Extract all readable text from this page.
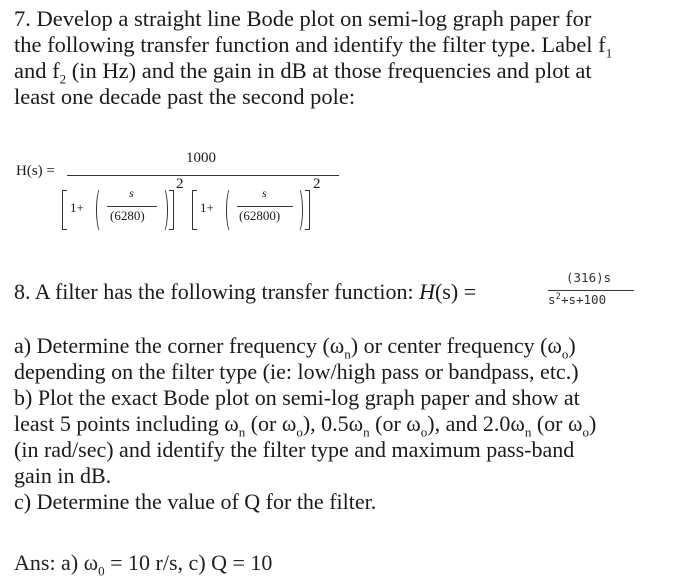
7. Develop a straight line Bode plot on semi-log graph paper for
the following transfer function and identify the filter type. Label $f_1$
and $f_2$ (in Hz) and the gain in dB at those frequencies and plot at
least one decade past the second pole:
H(s) =
1000
1+
s
(6280)
2
1+
s
(62800)
2
8. A filter has the following transfer function: H(s) =
(316)s
$s^2+s+100$
a) Determine the corner frequency $(\omega_n)$ or center frequency $(\omega_o)$
depending on the filter type (ie: low/high pass or bandpass, etc.)
b) Plot the exact Bode plot on semi-log graph paper and show at
least 5 points including $\omega_n$ (or $\omega_o$), $0.5\omega_n$ (or $\omega_o$), and $2.0\omega_n$ (or $\omega_o$)
(in rad/sec) and identify the filter type and maximum pass-band
gain in dB.
c) Determine the value of Q for the filter.
Ans: a) $\omega_0 = 10$ r/s, c) Q = 10
